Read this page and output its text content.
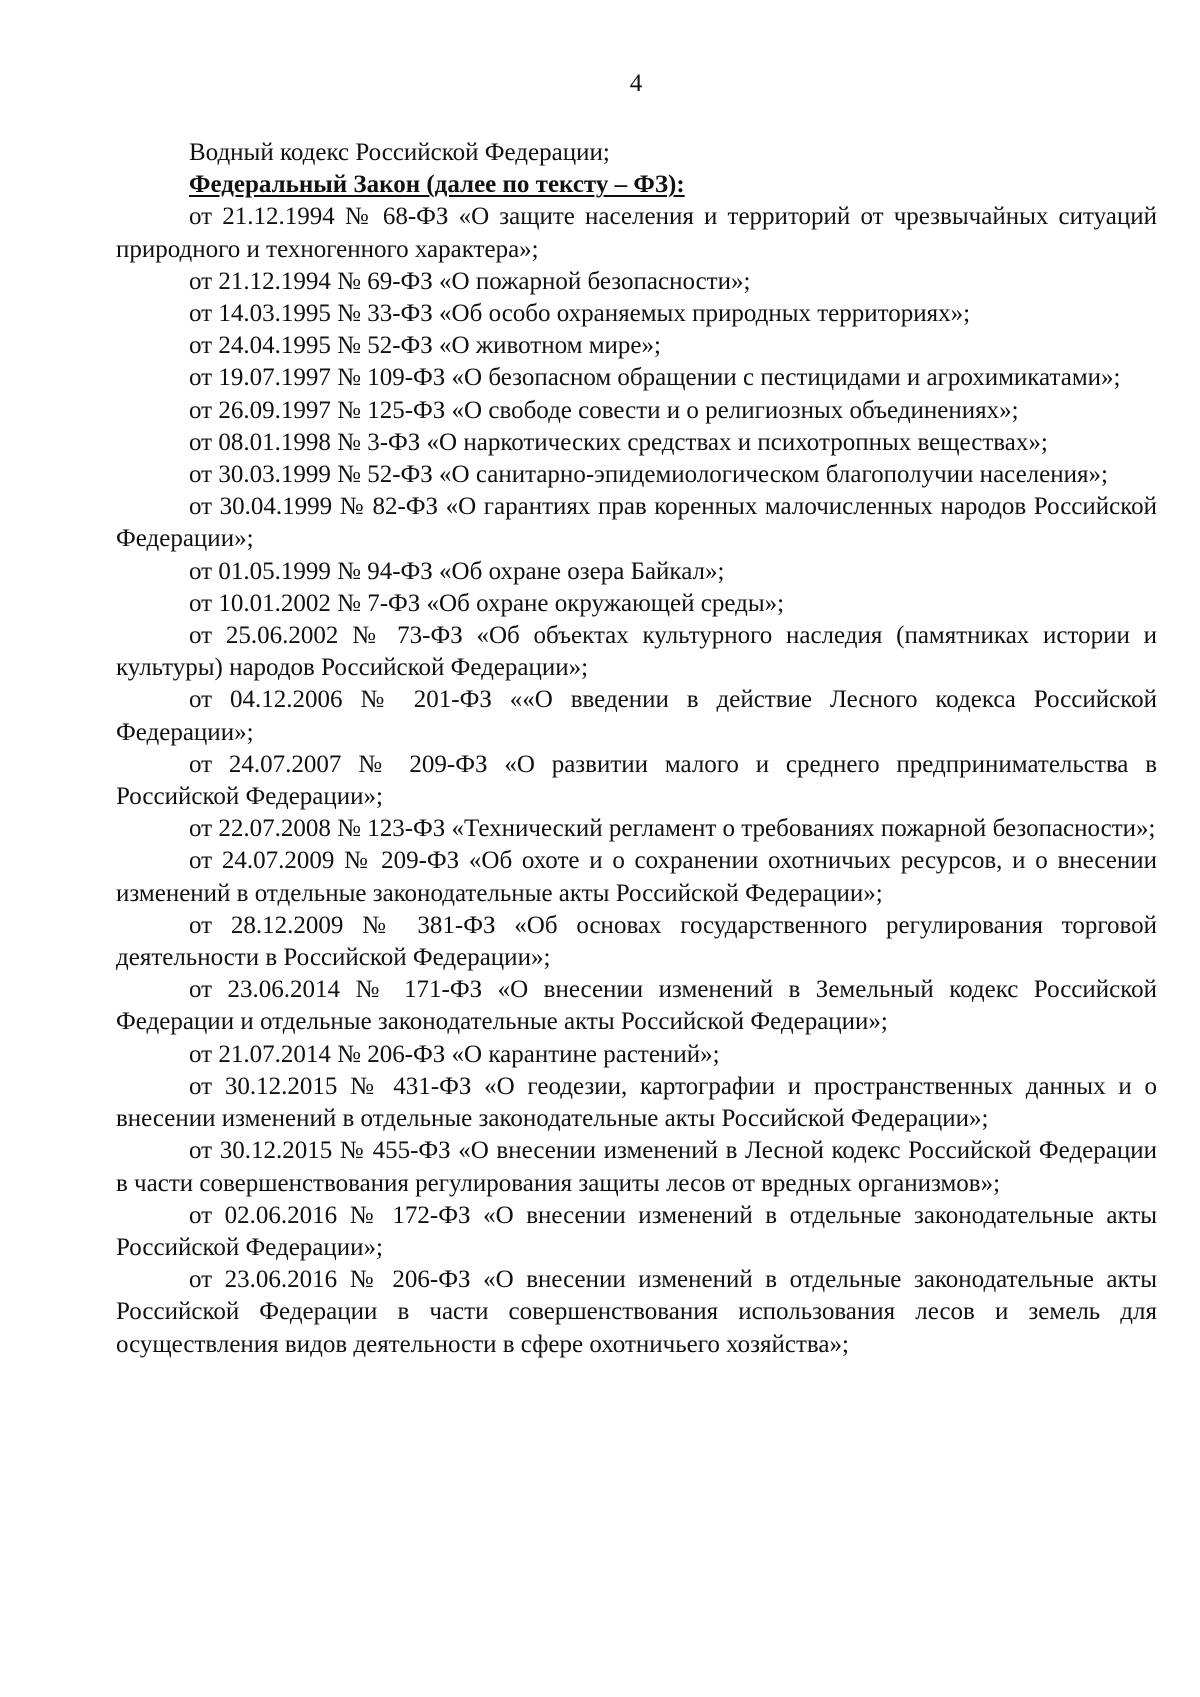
4

Водный кодекс Российской Федерации;

Федеральный Закон (далее по тексту – ФЗ):

от 21.12.1994 № 68-ФЗ «О защите населения и территорий от чрезвычайных ситуаций природного и техногенного характера»;

от 21.12.1994 № 69-ФЗ «О пожарной безопасности»;

от 14.03.1995 № 33-ФЗ «Об особо охраняемых природных территориях»;

от 24.04.1995 № 52-ФЗ «О животном мире»;

от 19.07.1997 № 109-ФЗ «О безопасном обращении с пестицидами и агрохимикатами»;

от 26.09.1997 № 125-ФЗ «О свободе совести и о религиозных объединениях»;

от 08.01.1998 № 3-ФЗ «О наркотических средствах и психотропных веществах»;

от 30.03.1999 № 52-ФЗ «О санитарно-эпидемиологическом благополучии населения»;

от 30.04.1999 № 82-ФЗ «О гарантиях прав коренных малочисленных народов Российской Федерации»;

от 01.05.1999 № 94-ФЗ «Об охране озера Байкал»;

от 10.01.2002 № 7-ФЗ «Об охране окружающей среды»;

от 25.06.2002 № 73-ФЗ «Об объектах культурного наследия (памятниках истории и культуры) народов Российской Федерации»;

от 04.12.2006 № 201-ФЗ ««О введении в действие Лесного кодекса Российской Федерации»;

от 24.07.2007 № 209-ФЗ «О развитии малого и среднего предпринимательства в Российской Федерации»;

от 22.07.2008 № 123-ФЗ «Технический регламент о требованиях пожарной безопасности»;

от 24.07.2009 № 209-ФЗ «Об охоте и о сохранении охотничьих ресурсов, и о внесении изменений в отдельные законодательные акты Российской Федерации»;

от 28.12.2009 № 381-ФЗ «Об основах государственного регулирования торговой деятельности в Российской Федерации»;

от 23.06.2014 № 171-ФЗ «О внесении изменений в Земельный кодекс Российской Федерации и отдельные законодательные акты Российской Федерации»;

от 21.07.2014 № 206-ФЗ «О карантине растений»;

от 30.12.2015 № 431-ФЗ «О геодезии, картографии и пространственных данных и о внесении изменений в отдельные законодательные акты Российской Федерации»;

от 30.12.2015 № 455-ФЗ «О внесении изменений в Лесной кодекс Российской Федерации в части совершенствования регулирования защиты лесов от вредных организмов»;

от 02.06.2016 № 172-ФЗ «О внесении изменений в отдельные законодательные акты Российской Федерации»;

от 23.06.2016 № 206-ФЗ «О внесении изменений в отдельные законодательные акты Российской Федерации в части совершенствования использования лесов и земель для осуществления видов деятельности в сфере охотничьего хозяйства»;
